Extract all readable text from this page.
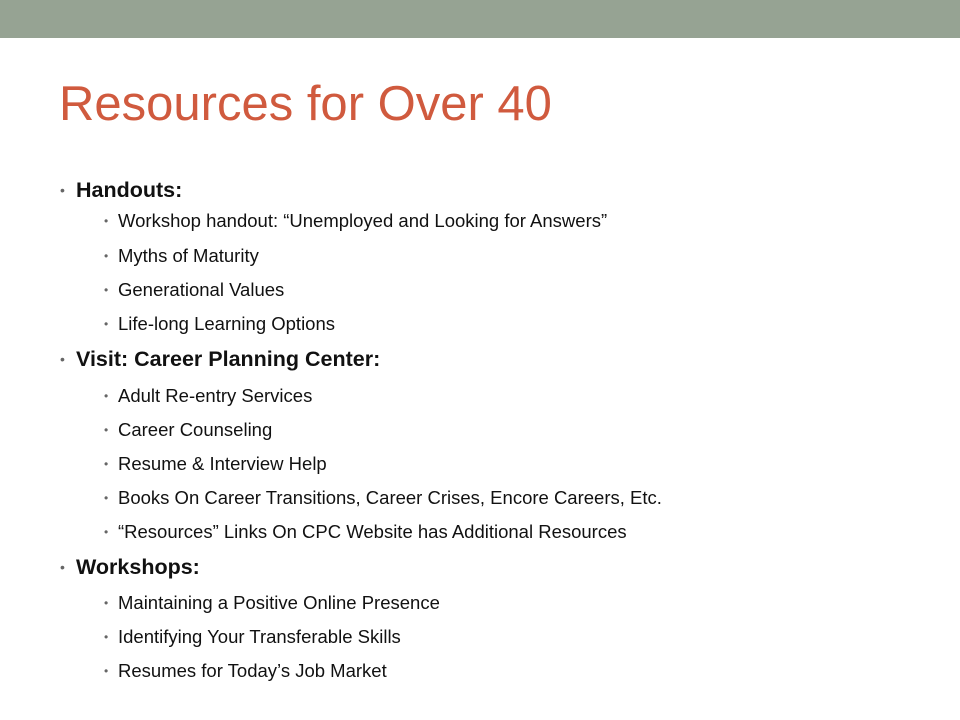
Resources for Over 40
• Handouts:
• Workshop handout: “Unemployed and Looking for Answers”
• Myths of Maturity
• Generational Values
• Life-long Learning Options
• Visit: Career Planning Center:
• Adult Re-entry Services
• Career Counseling
• Resume & Interview Help
• Books On Career Transitions, Career Crises, Encore Careers, Etc.
• “Resources” Links On CPC Website has Additional Resources
• Workshops:
• Maintaining a Positive Online Presence
• Identifying Your Transferable Skills
• Resumes for Today’s Job Market
